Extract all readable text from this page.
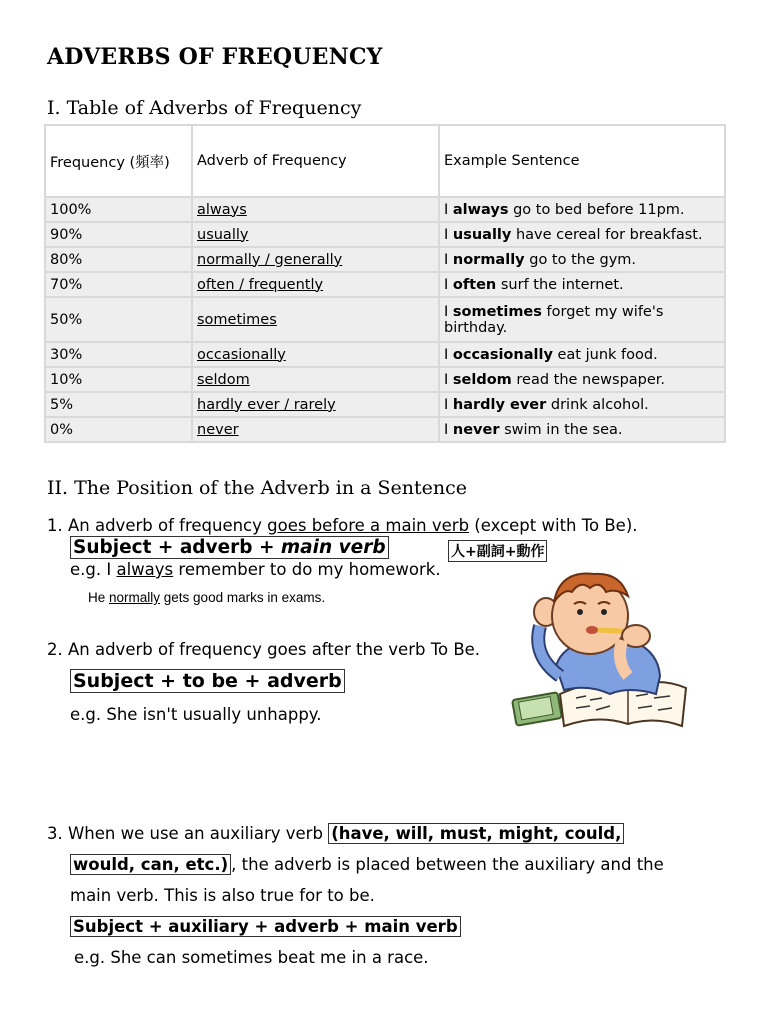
ADVERBS OF FREQUENCY
I. Table of Adverbs of Frequency
Frequency (頻率)	Adverb of Frequency	Example Sentence
100%	always	I always go to bed before 11pm.
90%	usually	I usually have cereal for breakfast.
80%	normally / generally	I normally go to the gym.
70%	often / frequently	I often surf the internet.
50%	sometimes	I sometimes forget my wife's birthday.
30%	occasionally	I occasionally eat junk food.
10%	seldom	I seldom read the newspaper.
5%	hardly ever / rarely	I hardly ever drink alcohol.
0%	never	I never swim in the sea.
II. The Position of the Adverb in a Sentence
1. An adverb of frequency goes before a main verb (except with To Be).
Subject + adverb + main verb	人+副詞+動作
e.g. I always remember to do my homework.
He normally gets good marks in exams.
2. An adverb of frequency goes after the verb To Be.
Subject + to be + adverb
e.g. She isn't usually unhappy.
3. When we use an auxiliary verb (have, will, must, might, could,
would, can, etc.) , the adverb is placed between the auxiliary and the
main verb. This is also true for to be.
Subject + auxiliary + adverb + main verb
e.g. She can sometimes beat me in a race.
